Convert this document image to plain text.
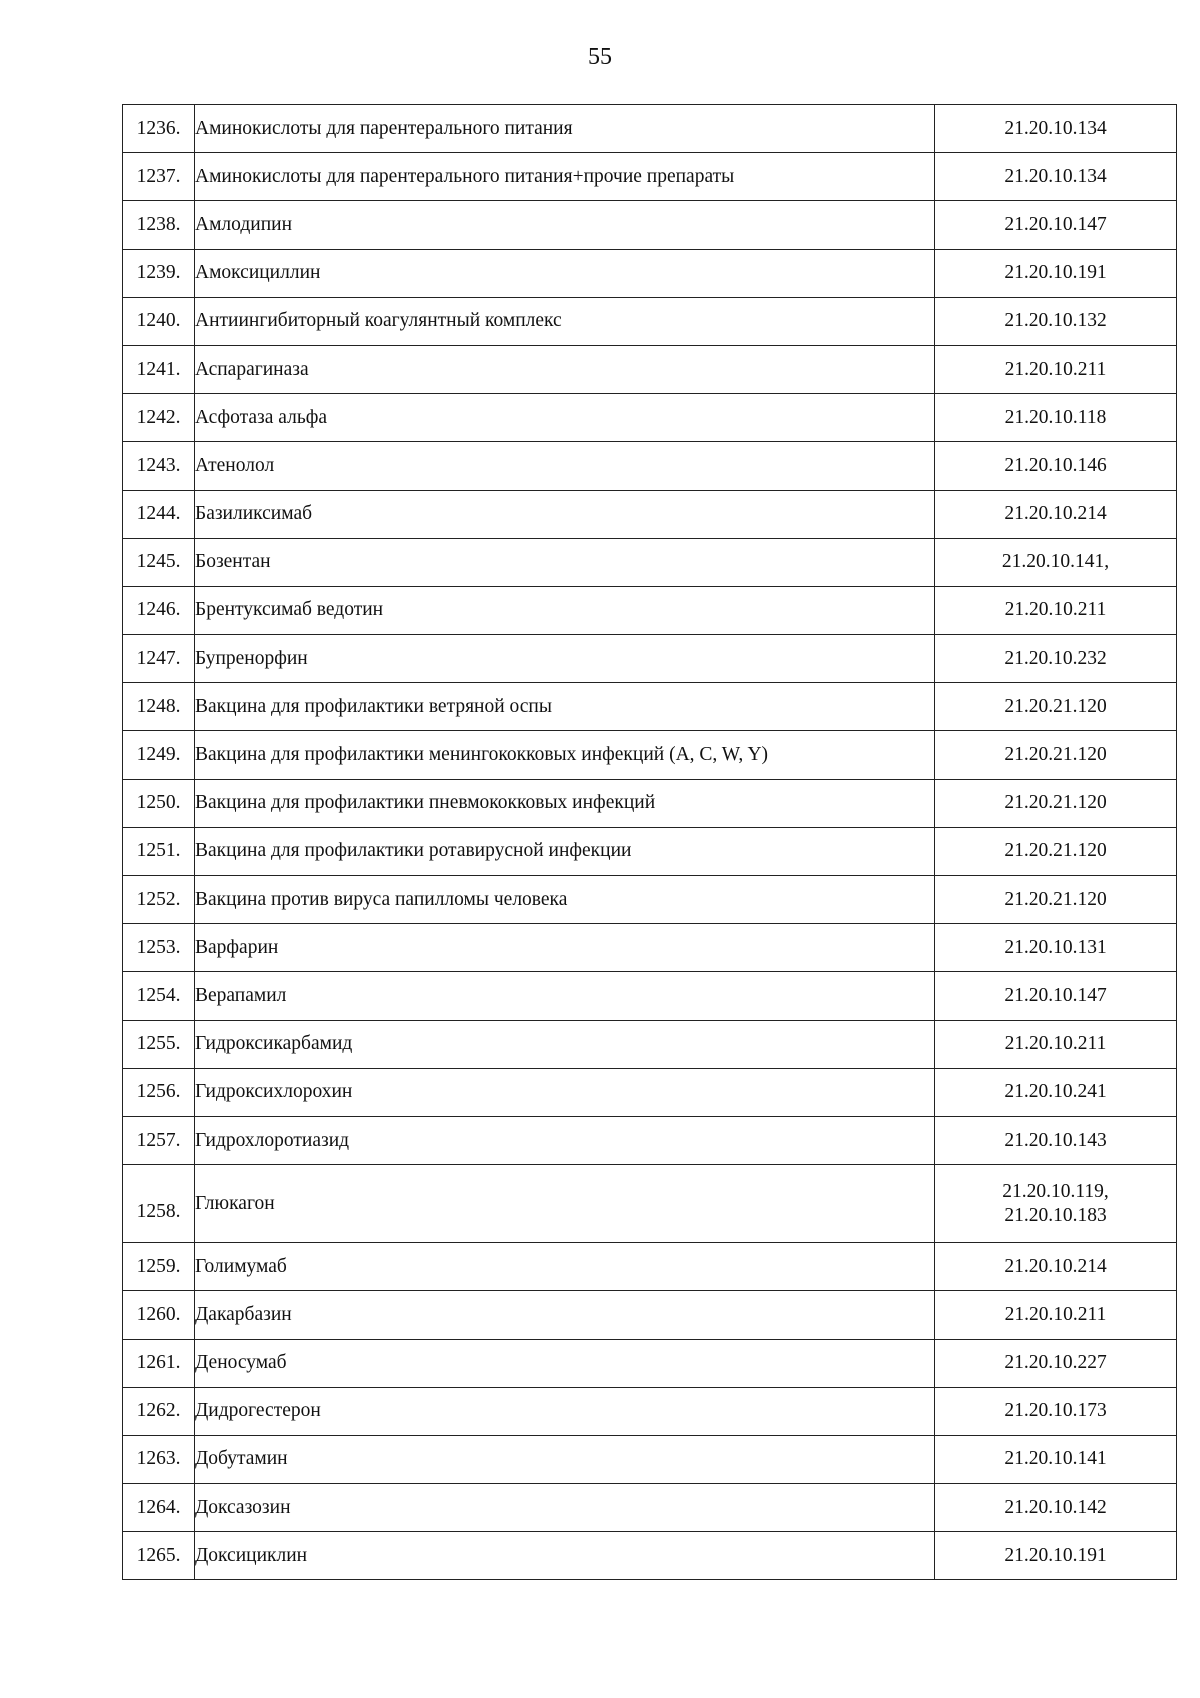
55
1236.	Аминокислоты для парентерального питания	21.20.10.134

1237.	Аминокислоты для парентерального питания+прочие препараты	21.20.10.134

1238.	Амлодипин	21.20.10.147

1239.	Амоксициллин	21.20.10.191

1240.	Антиингибиторный коагулянтный комплекс	21.20.10.132

1241.	Аспарагиназа	21.20.10.211

1242.	Асфотаза альфа	21.20.10.118

1243.	Атенолол	21.20.10.146

1244.	Базиликсимаб	21.20.10.214

1245.	Бозентан	21.20.10.141,

1246.	Брентуксимаб ведотин	21.20.10.211

1247.	Бупренорфин	21.20.10.232

1248.	Вакцина для профилактики ветряной оспы	21.20.21.120

1249.	Вакцина для профилактики менингококковых инфекций (A, C, W, Y)	21.20.21.120

1250.	Вакцина для профилактики пневмококковых инфекций	21.20.21.120

1251.	Вакцина для профилактики ротавирусной инфекции	21.20.21.120

1252.	Вакцина против вируса папилломы человека	21.20.21.120

1253.	Варфарин	21.20.10.131

1254.	Верапамил	21.20.10.147

1255.	Гидроксикарбамид	21.20.10.211

1256.	Гидроксихлорохин	21.20.10.241

1257.	Гидрохлоротиазид	21.20.10.143

1258.	Глюкагон	21.20.10.119,
21.20.10.183

1259.	Голимумаб	21.20.10.214

1260.	Дакарбазин	21.20.10.211

1261.	Деносумаб	21.20.10.227

1262.	Дидрогестерон	21.20.10.173

1263.	Добутамин	21.20.10.141

1264.	Доксазозин	21.20.10.142

1265.	Доксициклин	21.20.10.191
